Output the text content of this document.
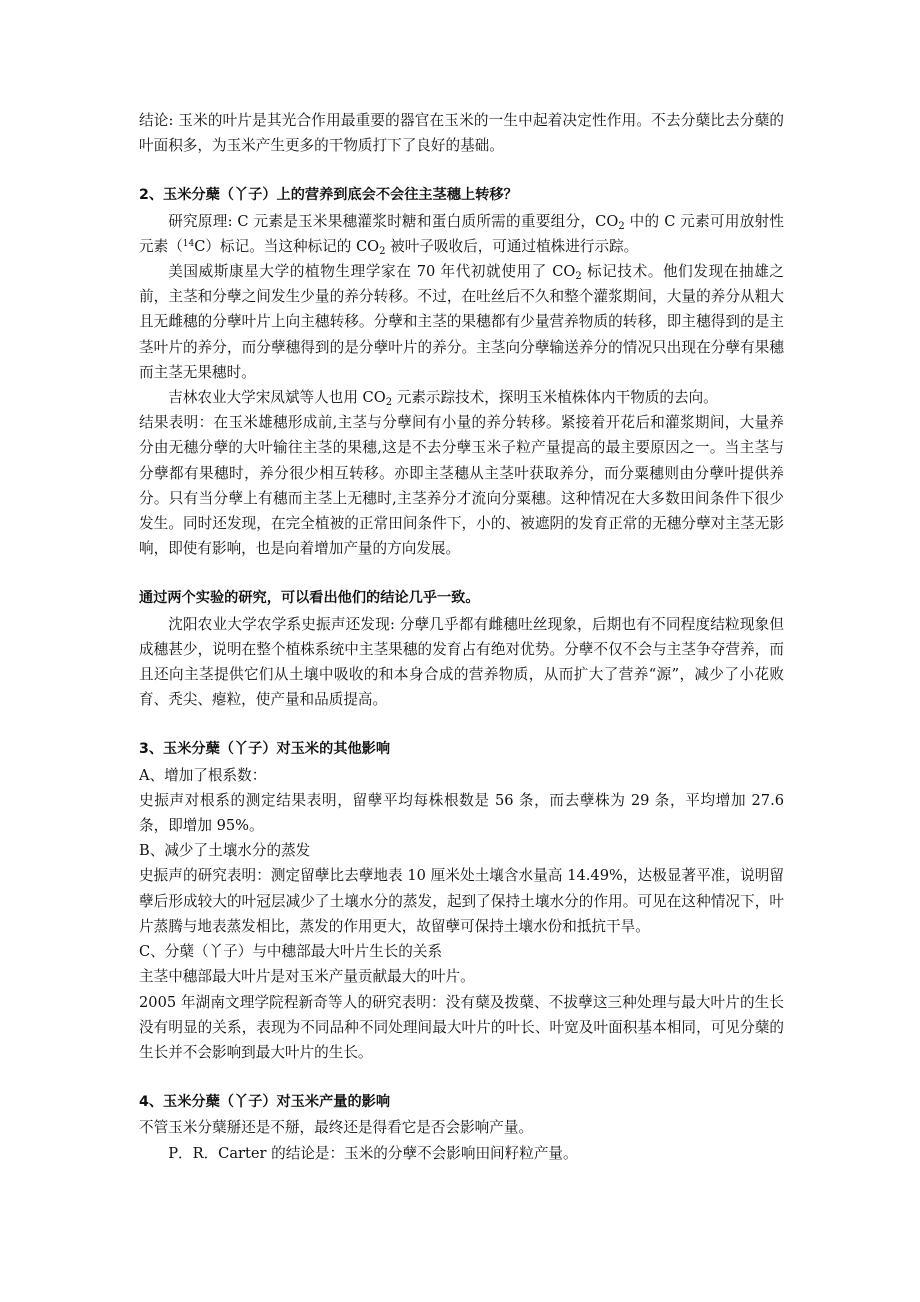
结论: 玉米的叶片是其光合作用最重要的器官在玉米的一生中起着决定性作用。不去分蘖比去分蘖的叶面积多，为玉米产生更多的干物质打下了良好的基础。

2、玉米分蘖（丫子）上的营养到底会不会往主茎穗上转移？

研究原理: C 元素是玉米果穗灌浆时糖和蛋白质所需的重要组分，$CO_2$ 中的 C 元素可用放射性元素（$^{14}$C）标记。当这种标记的 $CO_2$ 被叶子吸收后，可通过植株进行示踪。

美国威斯康星大学的植物生理学家在 70 年代初就使用了 $CO_2$ 标记技术。他们发现在抽雄之前，主茎和分孽之间发生少量的养分转移。不过，在吐丝后不久和整个灌浆期间，大量的养分从粗大且无雌穗的分孽叶片上向主穗转移。分孽和主茎的果穗都有少量营养物质的转移，即主穗得到的是主茎叶片的养分，而分孽穗得到的是分孽叶片的养分。主茎向分孽输送养分的情况只出现在分孽有果穗而主茎无果穗时。

吉林农业大学宋凤斌等人也用 $CO_2$ 元素示踪技术，探明玉米植株体内干物质的去向。

结果表明：在玉米雄穗形成前,主茎与分孽间有小量的养分转移。紧接着开花后和灌浆期间，大量养分由无穗分孽的大叶输往主茎的果穗,这是不去分孽玉米子粒产量提高的最主要原因之一。当主茎与分孽都有果穗时，养分很少相互转移。亦即主茎穗从主茎叶获取养分，而分粟穗则由分孽叶提供养分。只有当分孽上有穗而主茎上无穗时,主茎养分才流向分粟穗。这种情况在大多数田间条件下很少发生。同时还发现，在完全植被的正常田间条件下，小的、被遮阴的发育正常的无穗分孽对主茎无影响，即使有影响，也是向着增加产量的方向发展。

通过两个实验的研究，可以看出他们的结论几乎一致。

沈阳农业大学农学系史振声还发现: 分孽几乎都有雌穗吐丝现象，后期也有不同程度结粒现象但成穗甚少，说明在整个植株系统中主茎果穗的发育占有绝对优势。分孽不仅不会与主茎争夺营养，而且还向主茎提供它们从土壤中吸收的和本身合成的营养物质，从而扩大了营养“源”，减少了小花败育、秃尖、瘪粒，使产量和品质提高。

3、玉米分蘖（丫子）对玉米的其他影响

A、增加了根系数：

史振声对根系的测定结果表明，留孽平均每株根数是 56 条，而去孽株为 29 条，平均增加 27.6 条，即增加 95%。

B、减少了土壤水分的蒸发

史振声的研究表明：测定留孽比去孽地表 10 厘米处土壤含水量高 14.49%，达极显著平准，说明留孽后形成较大的叶冠层减少了土壤水分的蒸发，起到了保持土壤水分的作用。可见在这种情况下，叶片蒸腾与地表蒸发相比，蒸发的作用更大，故留孽可保持土壤水份和抵抗干旱。

C、分蘖（丫子）与中穗部最大叶片生长的关系

主茎中穗部最大叶片是对玉米产量贡献最大的叶片。

2005 年湖南文理学院程新奇等人的研究表明：没有蘖及拨蘖、不拔孽这三种处理与最大叶片的生长没有明显的关系，表现为不同品种不同处理间最大叶片的叶长、叶宽及叶面积基本相同，可见分蘖的生长并不会影响到最大叶片的生长。

4、玉米分蘖（丫子）对玉米产量的影响

不管玉米分蘖掰还是不掰，最终还是得看它是否会影响产量。

P．R．Carter 的结论是：玉米的分孽不会影响田间籽粒产量。
